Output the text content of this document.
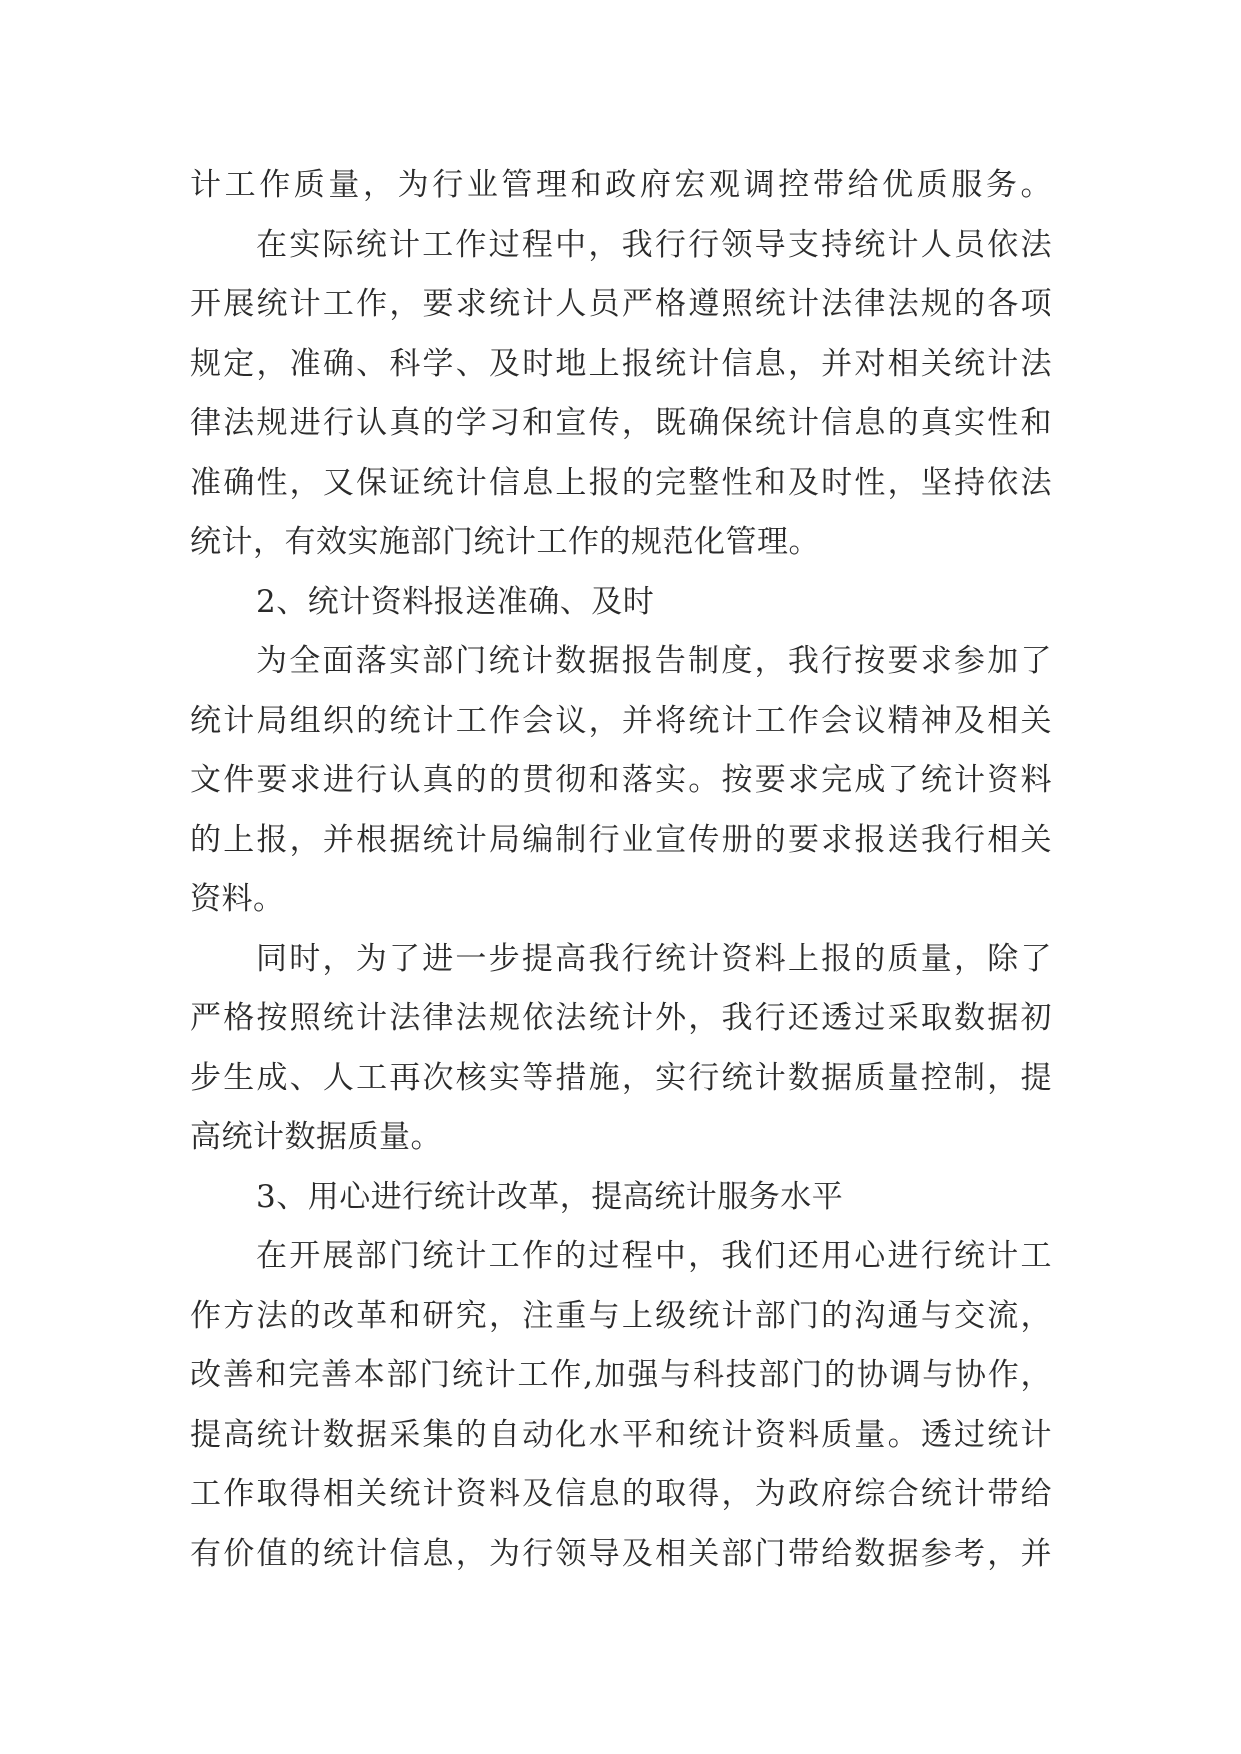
计工作质量，为行业管理和政府宏观调控带给优质服务。
在实际统计工作过程中，我行行领导支持统计人员依法
开展统计工作，要求统计人员严格遵照统计法律法规的各项
规定，准确、科学、及时地上报统计信息，并对相关统计法
律法规进行认真的学习和宣传，既确保统计信息的真实性和
准确性，又保证统计信息上报的完整性和及时性，坚持依法
统计，有效实施部门统计工作的规范化管理。
2、统计资料报送准确、及时
为全面落实部门统计数据报告制度，我行按要求参加了
统计局组织的统计工作会议，并将统计工作会议精神及相关
文件要求进行认真的的贯彻和落实。按要求完成了统计资料
的上报，并根据统计局编制行业宣传册的要求报送我行相关
资料。
同时，为了进一步提高我行统计资料上报的质量，除了
严格按照统计法律法规依法统计外，我行还透过采取数据初
步生成、人工再次核实等措施，实行统计数据质量控制，提
高统计数据质量。
3、用心进行统计改革，提高统计服务水平
在开展部门统计工作的过程中，我们还用心进行统计工
作方法的改革和研究，注重与上级统计部门的沟通与交流，
改善和完善本部门统计工作,加强与科技部门的协调与协作，
提高统计数据采集的自动化水平和统计资料质量。透过统计
工作取得相关统计资料及信息的取得，为政府综合统计带给
有价值的统计信息，为行领导及相关部门带给数据参考，并
